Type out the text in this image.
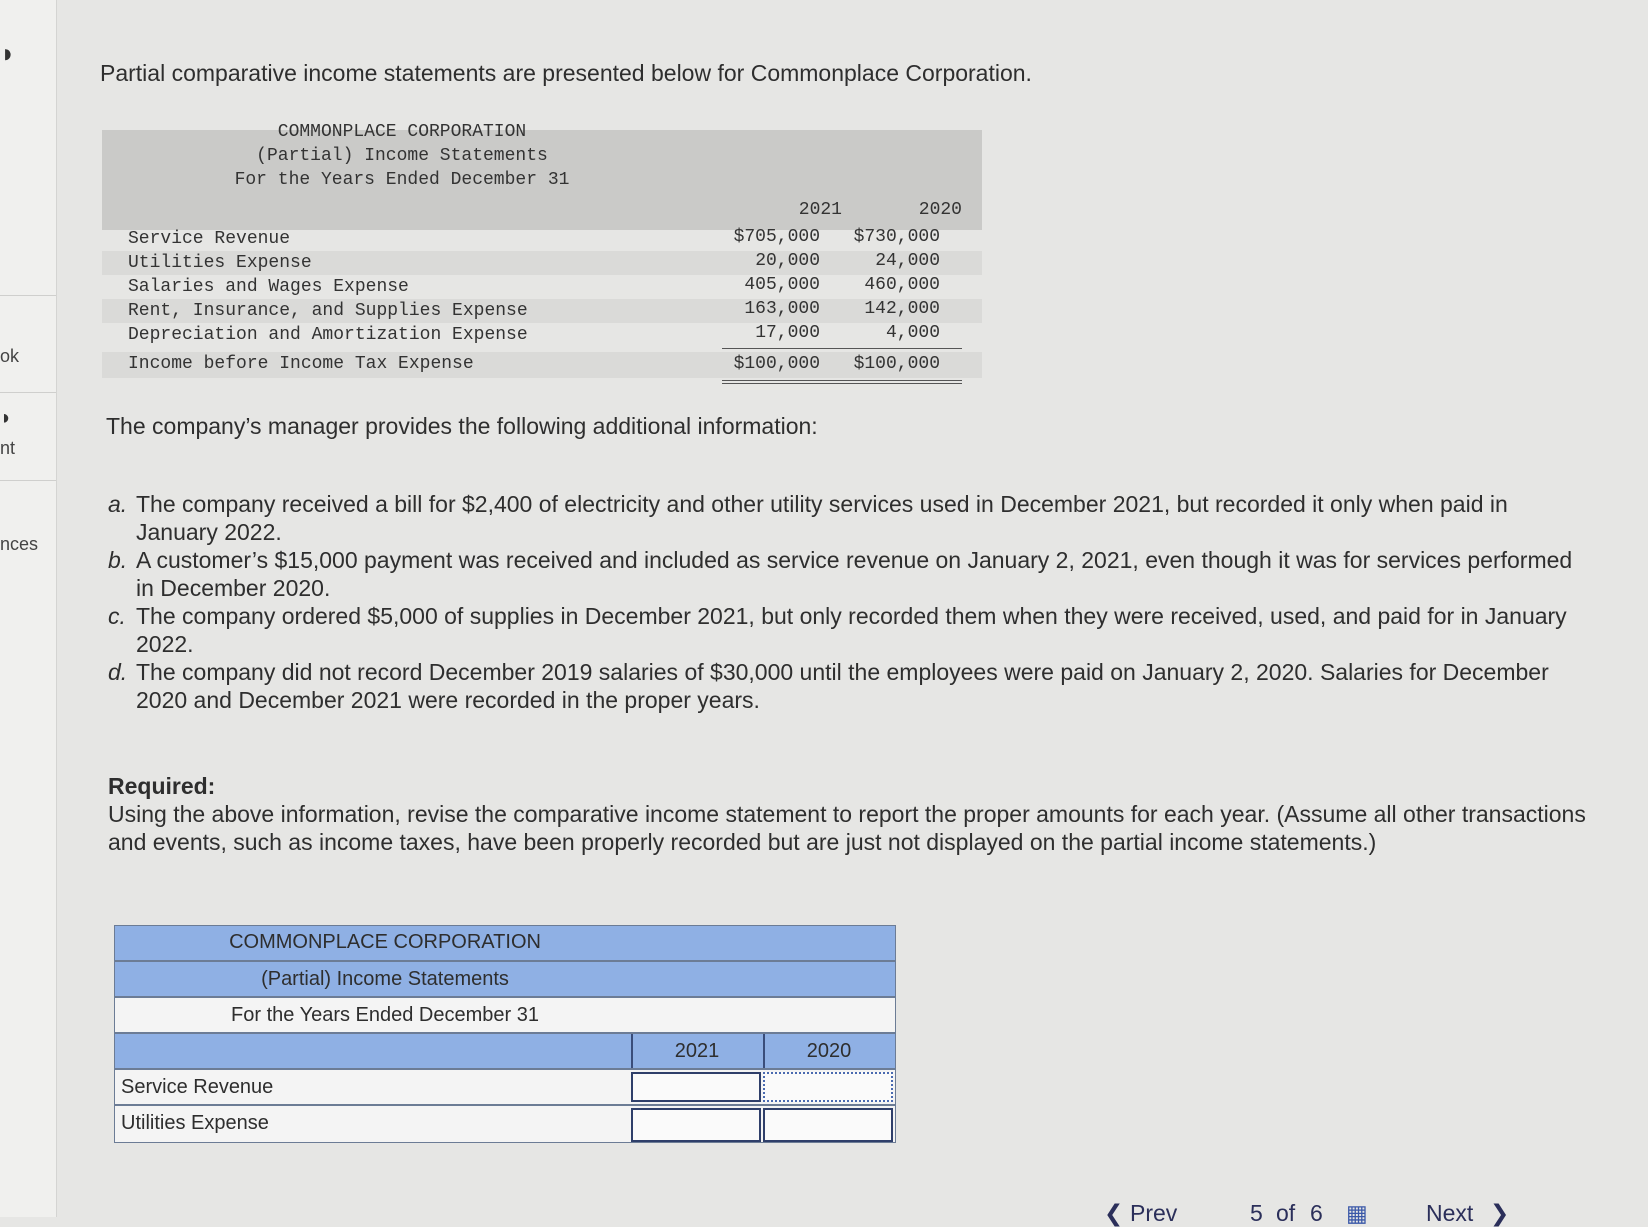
◗
ok
◗
nt
nces
Partial comparative income statements are presented below for Commonplace Corporation.
COMMONPLACE CORPORATION
(Partial) Income Statements
For the Years Ended December 31
2021	2020
Service Revenue	$705,000	$730,000
Utilities Expense	20,000	24,000
Salaries and Wages Expense	405,000	460,000
Rent, Insurance, and Supplies Expense	163,000	142,000
Depreciation and Amortization Expense	17,000	4,000
Income before Income Tax Expense	$100,000	$100,000
The company’s manager provides the following additional information:
a. The company received a bill for $2,400 of electricity and other utility services used in December 2021, but recorded it only when paid in January 2022.
b. A customer’s $15,000 payment was received and included as service revenue on January 2, 2021, even though it was for services performed in December 2020.
c. The company ordered $5,000 of supplies in December 2021, but only recorded them when they were received, used, and paid for in January 2022.
d. The company did not record December 2019 salaries of $30,000 until the employees were paid on January 2, 2020. Salaries for December 2020 and December 2021 were recorded in the proper years.
Required:
Using the above information, revise the comparative income statement to report the proper amounts for each year. (Assume all other transactions and events, such as income taxes, have been properly recorded but are just not displayed on the partial income statements.)
COMMONPLACE CORPORATION
(Partial) Income Statements
For the Years Ended December 31
2021	2020
Service Revenue
Utilities Expense
❮ Prev	5 of 6 ▦	Next ❯
